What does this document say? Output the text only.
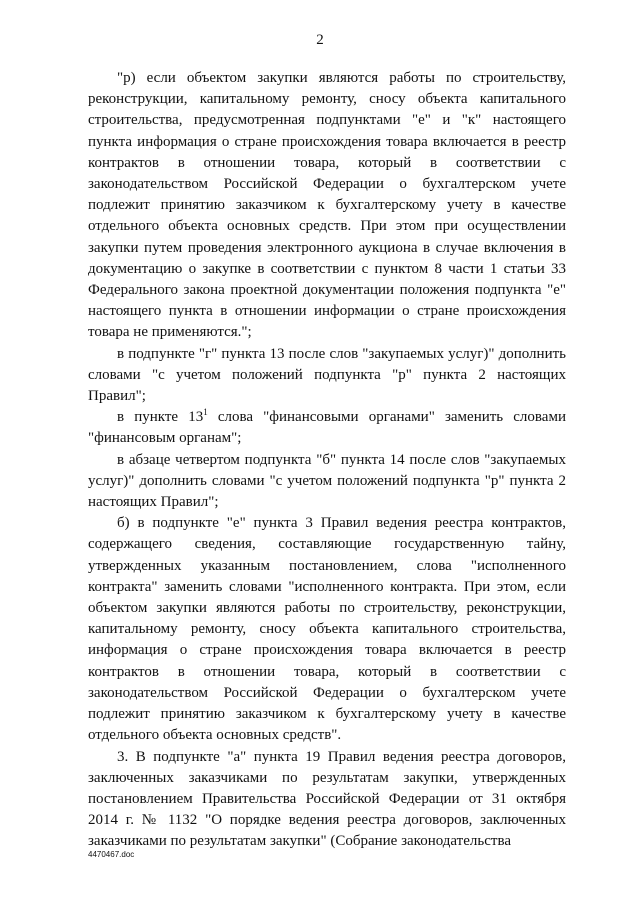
2

"р) если объектом закупки являются работы по строительству, реконструкции, капитальному ремонту, сносу объекта капитального строительства, предусмотренная подпунктами "е" и "к" настоящего пункта информация о стране происхождения товара включается в реестр контрактов в отношении товара, который в соответствии с законодательством Российской Федерации о бухгалтерском учете подлежит принятию заказчиком к бухгалтерскому учету в качестве отдельного объекта основных средств. При этом при осуществлении закупки путем проведения электронного аукциона в случае включения в документацию о закупке в соответствии с пунктом 8 части 1 статьи 33 Федерального закона проектной документации положения подпункта "е" настоящего пункта в отношении информации о стране происхождения товара не применяются.";

в подпункте "г" пункта 13 после слов "закупаемых услуг)" дополнить словами "с учетом положений подпункта "р" пункта 2 настоящих Правил";

в пункте $13^1$ слова "финансовыми органами" заменить словами "финансовым органам";

в абзаце четвертом подпункта "б" пункта 14 после слов "закупаемых услуг)" дополнить словами "с учетом положений подпункта "р" пункта 2 настоящих Правил";

б) в подпункте "е" пункта 3 Правил ведения реестра контрактов, содержащего сведения, составляющие государственную тайну, утвержденных указанным постановлением, слова "исполненного контракта" заменить словами "исполненного контракта. При этом, если объектом закупки являются работы по строительству, реконструкции, капитальному ремонту, сносу объекта капитального строительства, информация о стране происхождения товара включается в реестр контрактов в отношении товара, который в соответствии с законодательством Российской Федерации о бухгалтерском учете подлежит принятию заказчиком к бухгалтерскому учету в качестве отдельного объекта основных средств".

3. В подпункте "а" пункта 19 Правил ведения реестра договоров, заключенных заказчиками по результатам закупки, утвержденных постановлением Правительства Российской Федерации от 31 октября 2014 г. № 1132 "О порядке ведения реестра договоров, заключенных заказчиками по результатам закупки" (Собрание законодательства

4470467.doc
